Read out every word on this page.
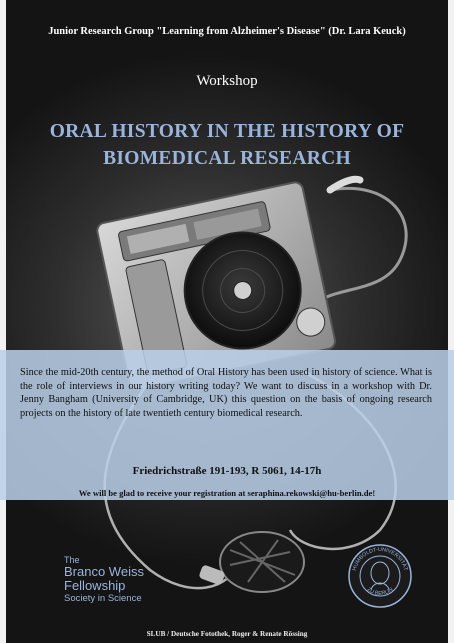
Junior Research Group "Learning from Alzheimer's Disease" (Dr. Lara Keuck)
Workshop
ORAL HISTORY IN THE HISTORY OF
BIOMEDICAL RESEARCH
Since the mid-20th century, the method of Oral History has been used in history of science. What is the role of interviews in our history writing today? We want to discuss in a workshop with Dr. Jenny Bangham (University of Cambridge, UK) this question on the basis of ongoing research projects on the history of late twentieth century biomedical research.
Friedrichstraße 191-193, R 5061, 14-17h
We will be glad to receive your registration at seraphina.rekowski@hu-berlin.de!
The
Branco Weiss
Fellowship
Society in Science
HUMBOLDT-UNIVERSITÄT
ZU BERLIN
SLUB / Deutsche Fotothek, Roger & Renate Rössing
